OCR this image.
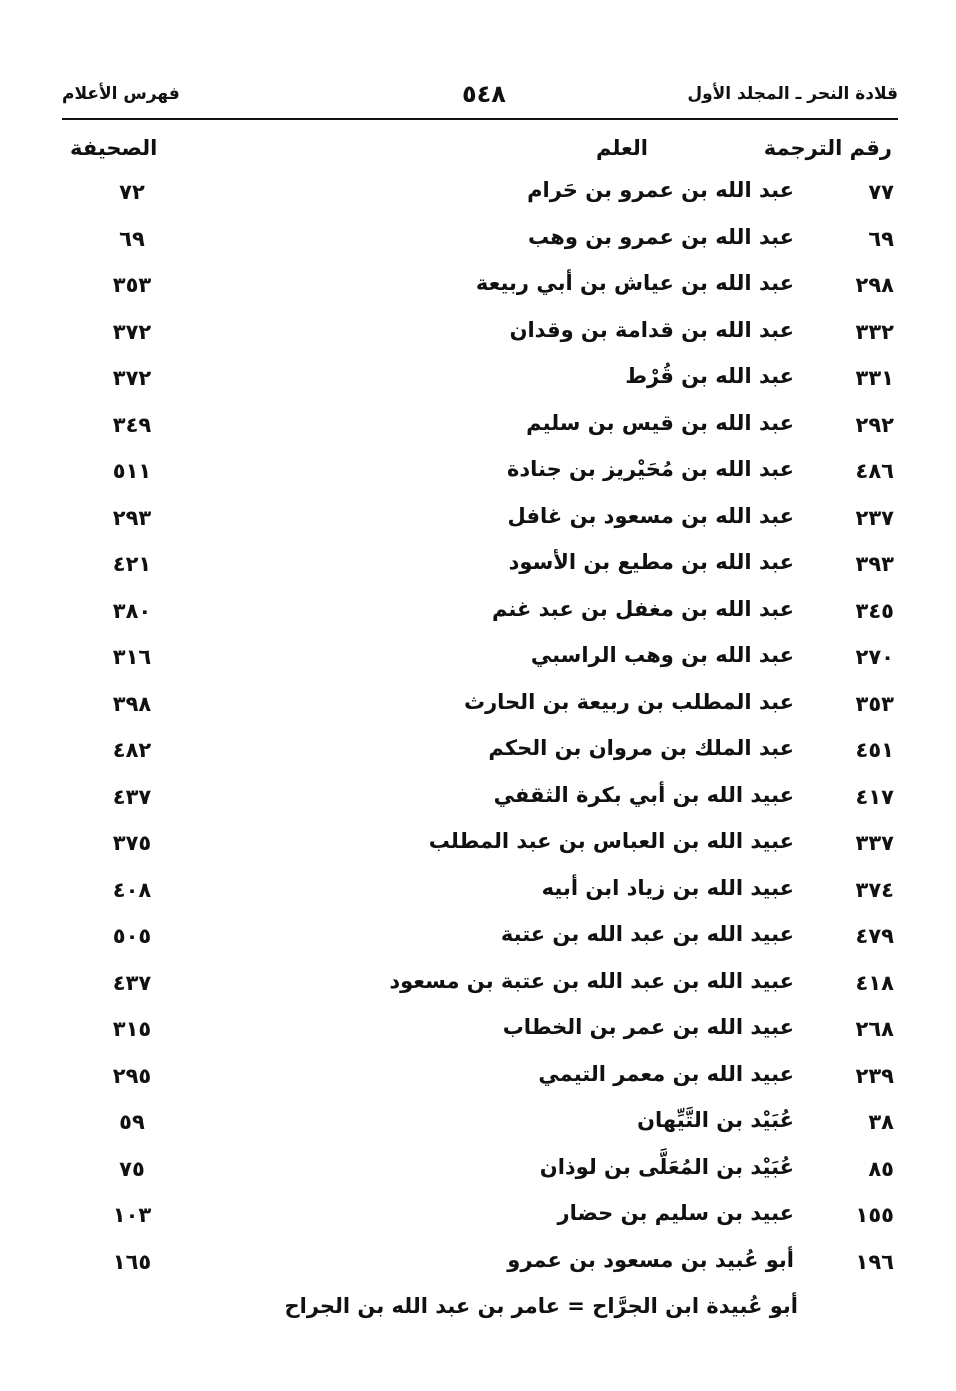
قلادة النحر ـ المجلد الأول
٥٤٨
فهرس الأعلام
رقم الترجمة
العلم
الصحيفة
٧٧
عبد الله بن عمرو بن حَرام
٧٢
٦٩
عبد الله بن عمرو بن وهب
٦٩
٢٩٨
عبد الله بن عياش بن أبي ربيعة
٣٥٣
٣٣٢
عبد الله بن قدامة بن وقدان
٣٧٢
٣٣١
عبد الله بن قُرْط
٣٧٢
٢٩٢
عبد الله بن قيس بن سليم
٣٤٩
٤٨٦
عبد الله بن مُحَيْريز بن جنادة
٥١١
٢٣٧
عبد الله بن مسعود بن غافل
٢٩٣
٣٩٣
عبد الله بن مطيع بن الأسود
٤٢١
٣٤٥
عبد الله بن مغفل بن عبد غنم
٣٨٠
٢٧٠
عبد الله بن وهب الراسبي
٣١٦
٣٥٣
عبد المطلب بن ربيعة بن الحارث
٣٩٨
٤٥١
عبد الملك بن مروان بن الحكم
٤٨٢
٤١٧
عبيد الله بن أبي بكرة الثقفي
٤٣٧
٣٣٧
عبيد الله بن العباس بن عبد المطلب
٣٧٥
٣٧٤
عبيد الله بن زياد ابن أبيه
٤٠٨
٤٧٩
عبيد الله بن عبد الله بن عتبة
٥٠٥
٤١٨
عبيد الله بن عبد الله بن عتبة بن مسعود
٤٣٧
٢٦٨
عبيد الله بن عمر بن الخطاب
٣١٥
٢٣٩
عبيد الله بن معمر التيمي
٢٩٥
٣٨
عُبَيْد بن التَّيِّهان
٥٩
٨٥
عُبَيْد بن المُعَلَّى بن لوذان
٧٥
١٥٥
عبيد بن سليم بن حضار
١٠٣
١٩٦
أبو عُبيد بن مسعود بن عمرو
١٦٥
أبو عُبيدة ابن الجرَّاح = عامر بن عبد الله بن الجراح
